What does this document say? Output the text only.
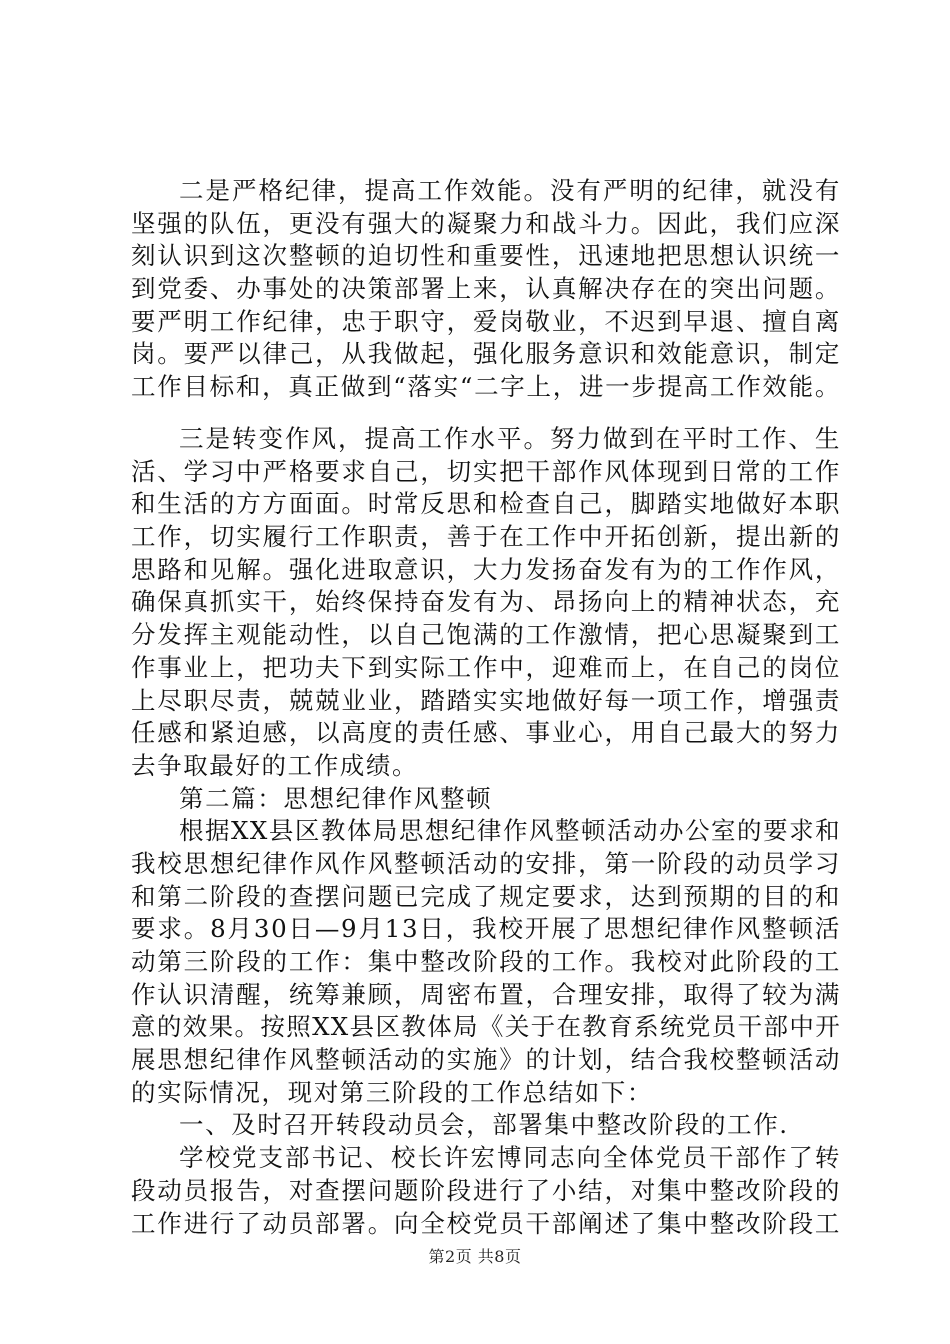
二是严格纪律，提高工作效能。没有严明的纪律，就没有
坚强的队伍，更没有强大的凝聚力和战斗力。因此，我们应深
刻认识到这次整顿的迫切性和重要性，迅速地把思想认识统一
到党委、办事处的决策部署上来，认真解决存在的突出问题。
要严明工作纪律，忠于职守，爱岗敬业，不迟到早退、擅自离
岗。要严以律己，从我做起，强化服务意识和效能意识，制定
工作目标和，真正做到“落实“二字上，进一步提高工作效能。
三是转变作风，提高工作水平。努力做到在平时工作、生
活、学习中严格要求自己，切实把干部作风体现到日常的工作
和生活的方方面面。时常反思和检查自己，脚踏实地做好本职
工作，切实履行工作职责，善于在工作中开拓创新，提出新的
思路和见解。强化进取意识，大力发扬奋发有为的工作作风，
确保真抓实干，始终保持奋发有为、昂扬向上的精神状态，充
分发挥主观能动性，以自己饱满的工作激情，把心思凝聚到工
作事业上，把功夫下到实际工作中，迎难而上，在自己的岗位
上尽职尽责，兢兢业业，踏踏实实地做好每一项工作，增强责
任感和紧迫感，以高度的责任感、事业心，用自己最大的努力
去争取最好的工作成绩。
第二篇：思想纪律作风整顿
根据XX县区教体局思想纪律作风整顿活动办公室的要求和
我校思想纪律作风作风整顿活动的安排，第一阶段的动员学习
和第二阶段的查摆问题已完成了规定要求，达到预期的目的和
要求。8月30日—9月13日，我校开展了思想纪律作风整顿活
动第三阶段的工作：集中整改阶段的工作。我校对此阶段的工
作认识清醒，统筹兼顾，周密布置，合理安排，取得了较为满
意的效果。按照XX县区教体局《关于在教育系统党员干部中开
展思想纪律作风整顿活动的实施》的计划，结合我校整顿活动
的实际情况，现对第三阶段的工作总结如下：
一、及时召开转段动员会，部署集中整改阶段的工作.
学校党支部书记、校长许宏博同志向全体党员干部作了转
段动员报告，对查摆问题阶段进行了小结，对集中整改阶段的
工作进行了动员部署。向全校党员干部阐述了集中整改阶段工
第2页 共8页
